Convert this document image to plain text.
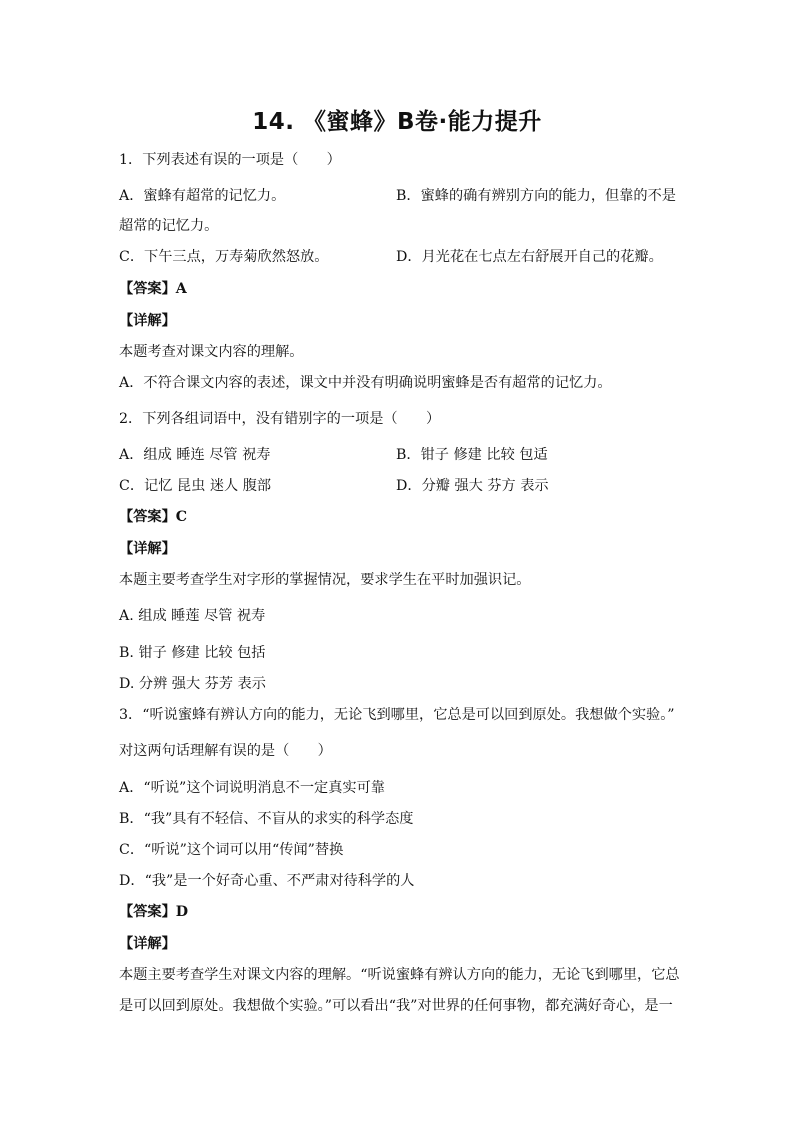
14. 《蜜蜂》B卷·能力提升
1．下列表述有误的一项是（　　）
A．蜜蜂有超常的记忆力。	B．蜜蜂的确有辨别方向的能力，但靠的不是
超常的记忆力。
C．下午三点，万寿菊欣然怒放。	D．月光花在七点左右舒展开自己的花瓣。
【答案】A
【详解】
本题考查对课文内容的理解。
A．不符合课文内容的表述，课文中并没有明确说明蜜蜂是否有超常的记忆力。
2．下列各组词语中，没有错别字的一项是（　　）
A．组成 睡连 尽管 祝寿	B．钳子 修建 比较 包适
C．记忆 昆虫 迷人 腹部	D．分瓣 强大 芬方 表示
【答案】C
【详解】
本题主要考查学生对字形的掌握情况，要求学生在平时加强识记。
A. 组成 睡莲 尽管 祝寿
B. 钳子 修建 比较 包括
D. 分辨 强大 芬芳 表示
3．“听说蜜蜂有辨认方向的能力，无论飞到哪里，它总是可以回到原处。我想做个实验。”
对这两句话理解有误的是（　　）
A．“听说”这个词说明消息不一定真实可靠
B．“我”具有不轻信、不盲从的求实的科学态度
C．“听说”这个词可以用“传闻”替换
D．“我”是一个好奇心重、不严肃对待科学的人
【答案】D
【详解】
本题主要考查学生对课文内容的理解。“听说蜜蜂有辨认方向的能力，无论飞到哪里，它总
是可以回到原处。我想做个实验。”可以看出“我”对世界的任何事物，都充满好奇心，是一
